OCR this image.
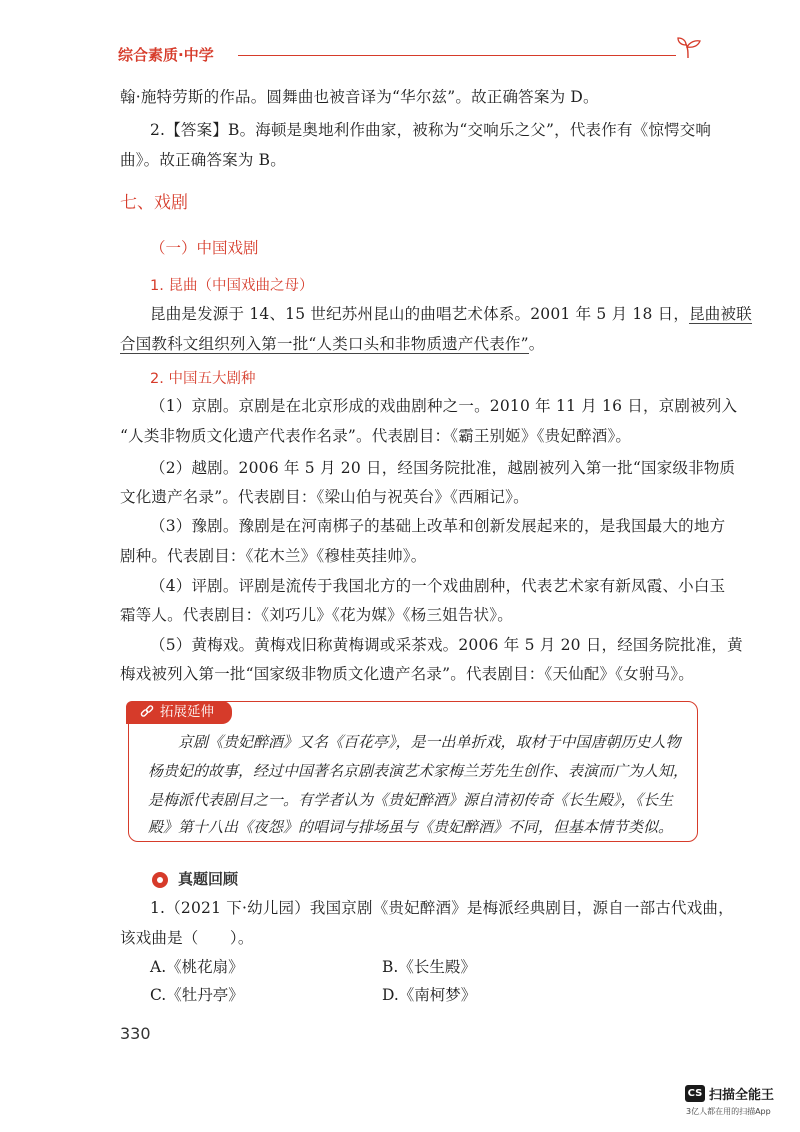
综合素质·中学
翰·施特劳斯的作品。圆舞曲也被音译为“华尔兹”。故正确答案为 D。
2.【答案】B。海顿是奥地利作曲家，被称为“交响乐之父”，代表作有《惊愕交响
曲》。故正确答案为 B。
七、戏剧
（一）中国戏剧
1. 昆曲（中国戏曲之母）
昆曲是发源于 14、15 世纪苏州昆山的曲唱艺术体系。2001 年 5 月 18 日，昆曲被联
合国教科文组织列入第一批“人类口头和非物质遗产代表作”。
2. 中国五大剧种
（1）京剧。京剧是在北京形成的戏曲剧种之一。2010 年 11 月 16 日，京剧被列入
“人类非物质文化遗产代表作名录”。代表剧目：《霸王别姬》《贵妃醉酒》。
（2）越剧。2006 年 5 月 20 日，经国务院批准，越剧被列入第一批“国家级非物质
文化遗产名录”。代表剧目：《梁山伯与祝英台》《西厢记》。
（3）豫剧。豫剧是在河南梆子的基础上改革和创新发展起来的，是我国最大的地方
剧种。代表剧目：《花木兰》《穆桂英挂帅》。
（4）评剧。评剧是流传于我国北方的一个戏曲剧种，代表艺术家有新凤霞、小白玉
霜等人。代表剧目：《刘巧儿》《花为媒》《杨三姐告状》。
（5）黄梅戏。黄梅戏旧称黄梅调或采茶戏。2006 年 5 月 20 日，经国务院批准，黄
梅戏被列入第一批“国家级非物质文化遗产名录”。代表剧目：《天仙配》《女驸马》。
拓展延伸
京剧《贵妃醉酒》又名《百花亭》，是一出单折戏，取材于中国唐朝历史人物
杨贵妃的故事，经过中国著名京剧表演艺术家梅兰芳先生创作、表演而广为人知，
是梅派代表剧目之一。有学者认为《贵妃醉酒》源自清初传奇《长生殿》，《长生
殿》第十八出《夜怨》的唱词与排场虽与《贵妃醉酒》不同，但基本情节类似。
真题回顾
1.（2021 下·幼儿园）我国京剧《贵妃醉酒》是梅派经典剧目，源自一部古代戏曲，
该戏曲是（　　）。
A.《桃花扇》	B.《长生殿》
C.《牡丹亭》	D.《南柯梦》
330
CS 扫描全能王
3亿人都在用的扫描App
